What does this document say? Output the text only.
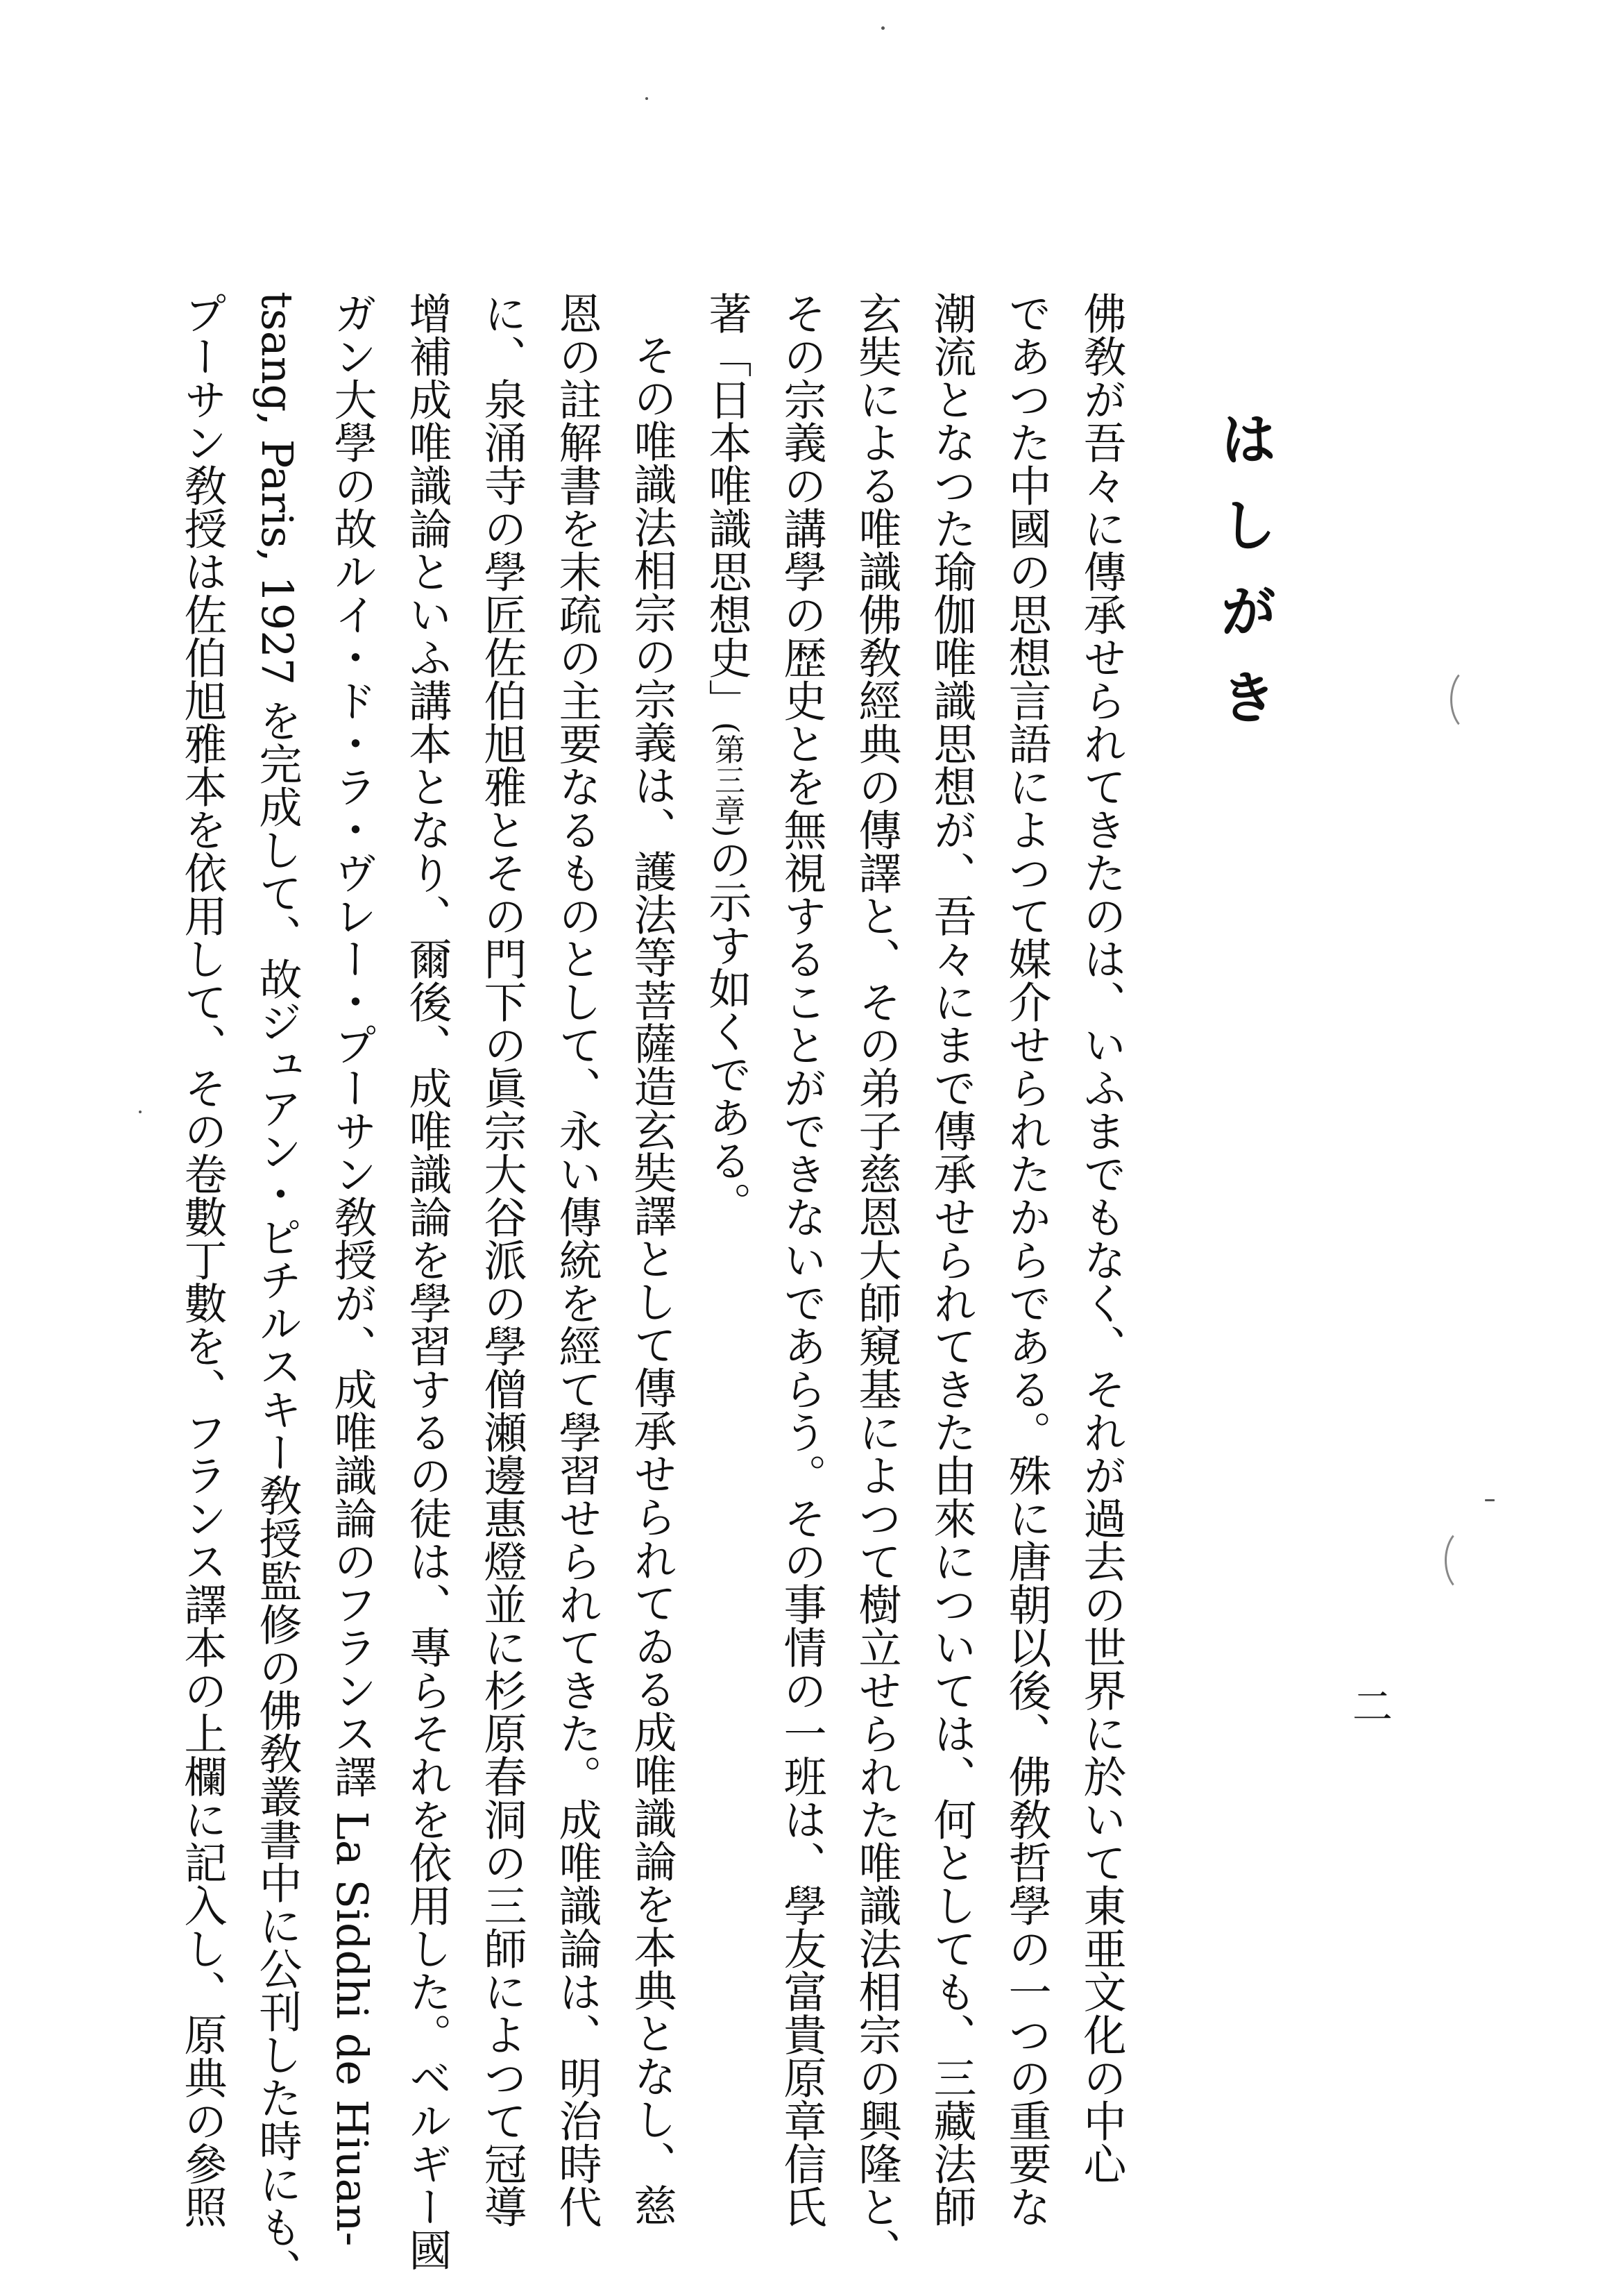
はしがき
二
佛敎が吾々に傳承せられてきたのは、いふまでもなく、それが過去の世界に於いて東亜文化の中心
であつた中國の思想言語によつて媒介せられたからである。殊に唐朝以後、佛敎哲學の一つの重要な
潮流となつた瑜伽唯識思想が、吾々にまで傳承せられてきた由來については、何としても、三藏法師
玄奘による唯識佛敎經典の傳譯と、その弟子慈恩大師窺基によつて樹立せられた唯識法相宗の興隆と、
その宗義の講學の歴史とを無視することができないであらう。その事情の一班は、學友富貴原章信氏
著「日本唯識思想史」(第三章)の示す如くである。
その唯識法相宗の宗義は、護法等菩薩造玄奘譯として傳承せられてゐる成唯識論を本典となし、慈
恩の註解書を末疏の主要なるものとして、永い傳統を經て學習せられてきた。成唯識論は、明治時代
に、泉涌寺の學匠佐伯旭雅とその門下の眞宗大谷派の學僧瀬邊惠燈並に杉原春洞の三師によつて冠導
增補成唯識論といふ講本となり、爾後、成唯識論を學習するの徒は、專らそれを依用した。ベルギー國
ガン大學の故ルイ・ド・ラ・ヴレー・プーサン敎授が、成唯識論のフランス譯 La Siddhi de Hiuan-
tsang, Paris, 1927 を完成して、故ジュアン・ピチルスキー敎授監修の佛敎叢書中に公刊した時にも、
プーサン敎授は佐伯旭雅本を依用して、その卷數丁數を、フランス譯本の上欄に記入し、原典の參照
